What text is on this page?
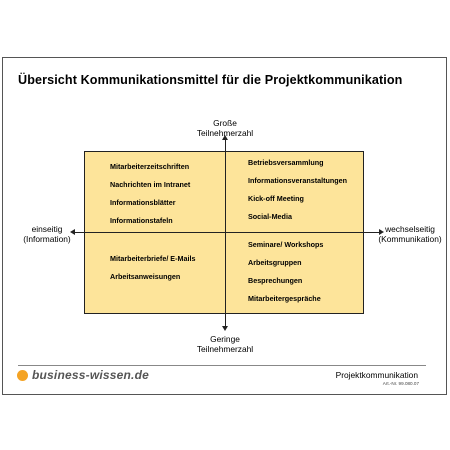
Übersicht Kommunikationsmittel für die Projektkommunikation
Große
Teilnehmerzahl
Geringe
Teilnehmerzahl
einseitig
(Information)
wechselseitig
(Kommunikation)
Mitarbeiterzeitschriften
Nachrichten im Intranet
Informationsblätter
Informationstafeln
Betriebsversammlung
Informationsveranstaltungen
Kick-off Meeting
Social-Media
Mitarbeiterbriefe/ E-Mails
Arbeitsanweisungen
Seminare/ Workshops
Arbeitsgruppen
Besprechungen
Mitarbeitergespräche
business-wissen.de	Projektkommunikation
Art.-Nr. 99.080.07
